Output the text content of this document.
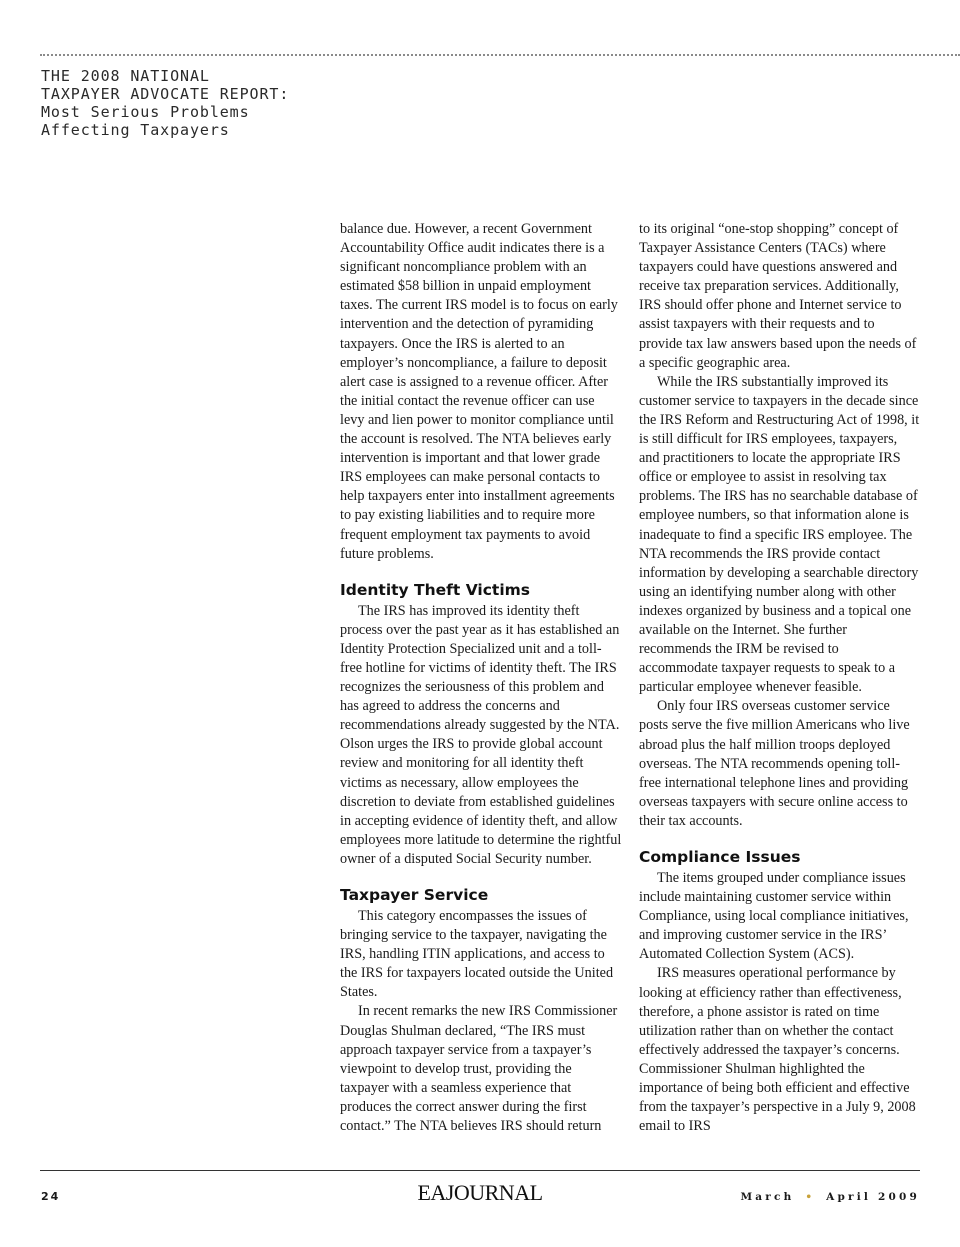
THE 2008 NATIONAL
TAXPAYER ADVOCATE REPORT:
Most Serious Problems
Affecting Taxpayers

balance due. However, a recent Government Accountability Office audit indicates there is a significant noncompliance problem with an estimated $58 billion in unpaid employment taxes. The current IRS model is to focus on early intervention and the detection of pyramiding taxpayers. Once the IRS is alerted to an employer’s noncompliance, a failure to deposit alert case is assigned to a revenue officer. After the initial contact the revenue officer can use levy and lien power to monitor compliance until the account is resolved. The NTA believes early intervention is important and that lower grade IRS employees can make personal contacts to help taxpayers enter into installment agreements to pay existing liabilities and to require more frequent employment tax payments to avoid future problems.

Identity Theft Victims

The IRS has improved its identity theft process over the past year as it has established an Identity Protection Specialized unit and a toll-free hotline for victims of identity theft. The IRS recognizes the seriousness of this problem and has agreed to address the concerns and recommendations already suggested by the NTA. Olson urges the IRS to provide global account review and monitoring for all identity theft victims as necessary, allow employees the discretion to deviate from established guidelines in accepting evidence of identity theft, and allow employees more latitude to determine the rightful owner of a disputed Social Security number.

Taxpayer Service

This category encompasses the issues of bringing service to the taxpayer, navigating the IRS, handling ITIN applications, and access to the IRS for taxpayers located outside the United States.

In recent remarks the new IRS Commissioner Douglas Shulman declared, “The IRS must approach taxpayer service from a taxpayer’s viewpoint to develop trust, providing the taxpayer with a seamless experience that produces the correct answer during the first contact.” The NTA believes IRS should return

to its original “one-stop shopping” concept of Taxpayer Assistance Centers (TACs) where taxpayers could have questions answered and receive tax preparation services. Additionally, IRS should offer phone and Internet service to assist taxpayers with their requests and to provide tax law answers based upon the needs of a specific geographic area.

While the IRS substantially improved its customer service to taxpayers in the decade since the IRS Reform and Restructuring Act of 1998, it is still difficult for IRS employees, taxpayers, and practitioners to locate the appropriate IRS office or employee to assist in resolving tax problems. The IRS has no searchable database of employee numbers, so that information alone is inadequate to find a specific IRS employee. The NTA recommends the IRS provide contact information by developing a searchable directory using an identifying number along with other indexes organized by business and a topical one available on the Internet. She further recommends the IRM be revised to accommodate taxpayer requests to speak to a particular employee whenever feasible.

Only four IRS overseas customer service posts serve the five million Americans who live abroad plus the half million troops deployed overseas. The NTA recommends opening toll-free international telephone lines and providing overseas taxpayers with secure online access to their tax accounts.

Compliance Issues

The items grouped under compliance issues include maintaining customer service within Compliance, using local compliance initiatives, and improving customer service in the IRS’ Automated Collection System (ACS).

IRS measures operational performance by looking at efficiency rather than effectiveness, therefore, a phone assistor is rated on time utilization rather than on whether the contact effectively addressed the taxpayer’s concerns. Commissioner Shulman highlighted the importance of being both efficient and effective from the taxpayer’s perspective in a July 9, 2008 email to IRS

24	EAJOURNAL	March • April 2009
